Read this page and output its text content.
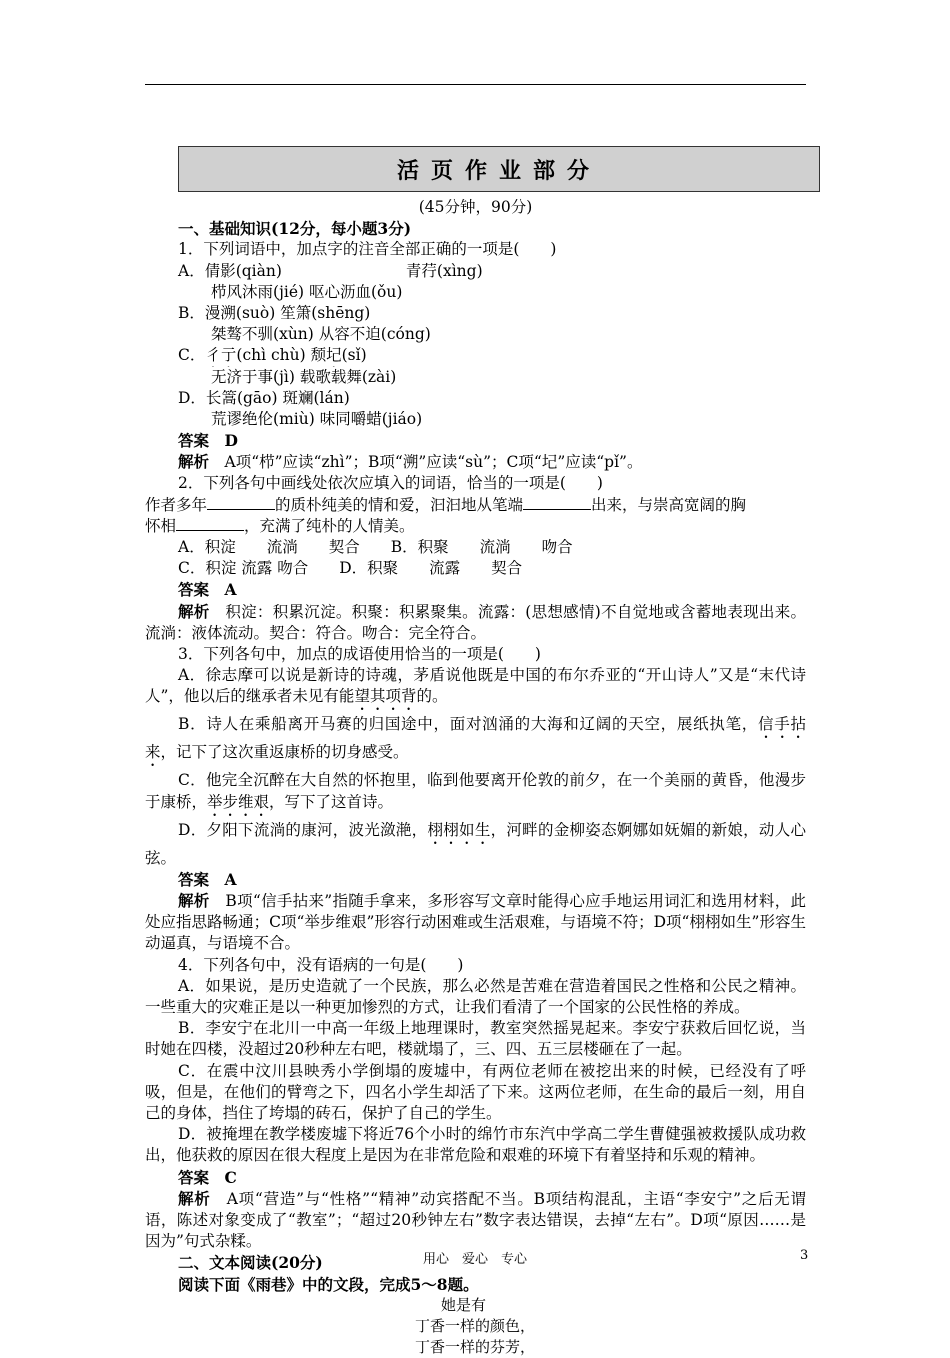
活页作业部分
(45分钟，90分)
一、基础知识(12分，每小题3分)
1．下列词语中，加点字的注音全部正确的一项是(　　)
A．倩影(qiàn)　　　　　　　　青荇(xìng)
栉风沐雨(jié) 呕心沥血(ǒu)
B．漫溯(suò) 笙箫(shēng)
桀骜不驯(xùn) 从容不迫(cóng)
C．彳亍(chì chù) 颓圮(sǐ)
无济于事(jì) 载歌载舞(zài)
D．长篙(gāo) 斑斓(lán)
荒谬绝伦(miù) 味同嚼蜡(jiáo)
答案　D
解析　A项“栉”应读“zhì”；B项“溯”应读“sù”；C项“圮”应读“pǐ”。
2．下列各句中画线处依次应填入的词语，恰当的一项是(　　)
作者多年	的质朴纯美的情和爱，汩汩地从笔端	出来，与崇高宽阔的胸
怀相	，充满了纯朴的人情美。
A．积淀　　流淌　　契合　　B．积聚　　流淌　　吻合
C．积淀 流露 吻合　　D．积聚　　流露　　契合
答案　A
解析　积淀：积累沉淀。积聚：积累聚集。流露：(思想感情)不自觉地或含蓄地表现出来。流淌：液体流动。契合：符合。吻合：完全符合。
3．下列各句中，加点的成语使用恰当的一项是(　　)
A．徐志摩可以说是新诗的诗魂，茅盾说他既是中国的布尔乔亚的“开山诗人”又是“末代诗人”，他以后的继承者未见有能望其项背的。
B．诗人在乘船离开马赛的归国途中，面对汹涌的大海和辽阔的天空，展纸执笔，信手拈来，记下了这次重返康桥的切身感受。
C．他完全沉醉在大自然的怀抱里，临到他要离开伦敦的前夕，在一个美丽的黄昏，他漫步于康桥，举步维艰，写下了这首诗。
D．夕阳下流淌的康河，波光潋滟，栩栩如生，河畔的金柳姿态婀娜如妩媚的新娘，动人心弦。
答案　A
解析　B项“信手拈来”指随手拿来，多形容写文章时能得心应手地运用词汇和选用材料，此处应指思路畅通；C项“举步维艰”形容行动困难或生活艰难，与语境不符；D项“栩栩如生”形容生动逼真，与语境不合。
4．下列各句中，没有语病的一句是(　　)
A．如果说，是历史造就了一个民族，那么必然是苦难在营造着国民之性格和公民之精神。一些重大的灾难正是以一种更加惨烈的方式，让我们看清了一个国家的公民性格的养成。
B．李安宁在北川一中高一年级上地理课时，教室突然摇晃起来。李安宁获救后回忆说，当时她在四楼，没超过20秒种左右吧，楼就塌了，三、四、五三层楼砸在了一起。
C．在震中汶川县映秀小学倒塌的废墟中，有两位老师在被挖出来的时候，已经没有了呼吸，但是，在他们的臂弯之下，四名小学生却活了下来。这两位老师，在生命的最后一刻，用自己的身体，挡住了垮塌的砖石，保护了自己的学生。
D．被掩埋在教学楼废墟下将近76个小时的绵竹市东汽中学高二学生曹健强被救援队成功救出，他获救的原因在很大程度上是因为在非常危险和艰难的环境下有着坚持和乐观的精神。
答案　C
解析　A项“营造”与“性格”“精神”动宾搭配不当。B项结构混乱，主语“李安宁”之后无谓语，陈述对象变成了“教室”；“超过20秒钟左右”数字表达错误，去掉“左右”。D项“原因……是因为”句式杂糅。
二、文本阅读(20分)
阅读下面《雨巷》中的文段，完成5～8题。
她是有
丁香一样的颜色，
丁香一样的芬芳，
用心　爱心　专心	3
